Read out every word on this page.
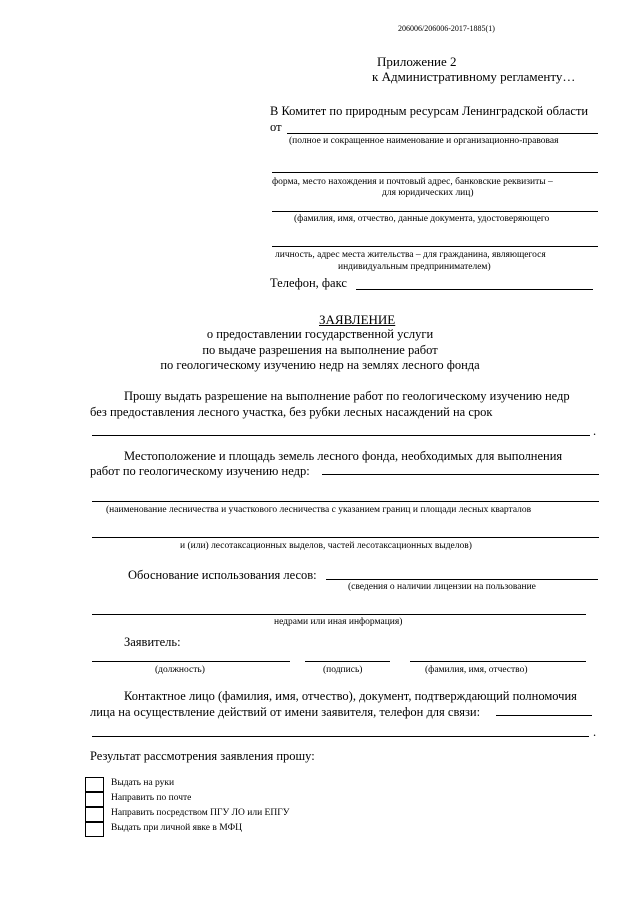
206006/206006-2017-1885(1)
Приложение 2
к Административному регламенту…
В Комитет по природным ресурсам Ленинградской области
от
(полное и сокращенное наименование и организационно-правовая
форма, место нахождения и почтовый адрес, банковские реквизиты –
для юридических лиц)
(фамилия, имя, отчество, данные документа, удостоверяющего
личность, адрес места жительства – для гражданина, являющегося
индивидуальным предпринимателем)
Телефон, факс
ЗАЯВЛЕНИЕ
о предоставлении государственной услуги
по выдаче разрешения на выполнение работ
по геологическому изучению недр на землях лесного фонда
Прошу выдать разрешение на выполнение работ по геологическому изучению недр
без предоставления лесного участка, без рубки лесных насаждений на срок
.
Местоположение и площадь земель лесного фонда, необходимых для выполнения
работ по геологическому изучению недр:
(наименование лесничества и участкового лесничества с указанием границ и площади лесных кварталов
и (или) лесотаксационных выделов, частей лесотаксационных выделов)
Обоснование использования лесов:
(сведения о наличии лицензии на пользование
недрами или иная информация)
Заявитель:
(должность)	(подпись)	(фамилия, имя, отчество)
Контактное лицо (фамилия, имя, отчество), документ, подтверждающий полномочия
лица на осуществление действий от имени заявителя, телефон для связи:
.
Результат рассмотрения заявления прошу:
Выдать на руки
Направить по почте
Направить посредством ПГУ ЛО или ЕПГУ
Выдать при личной явке в МФЦ
